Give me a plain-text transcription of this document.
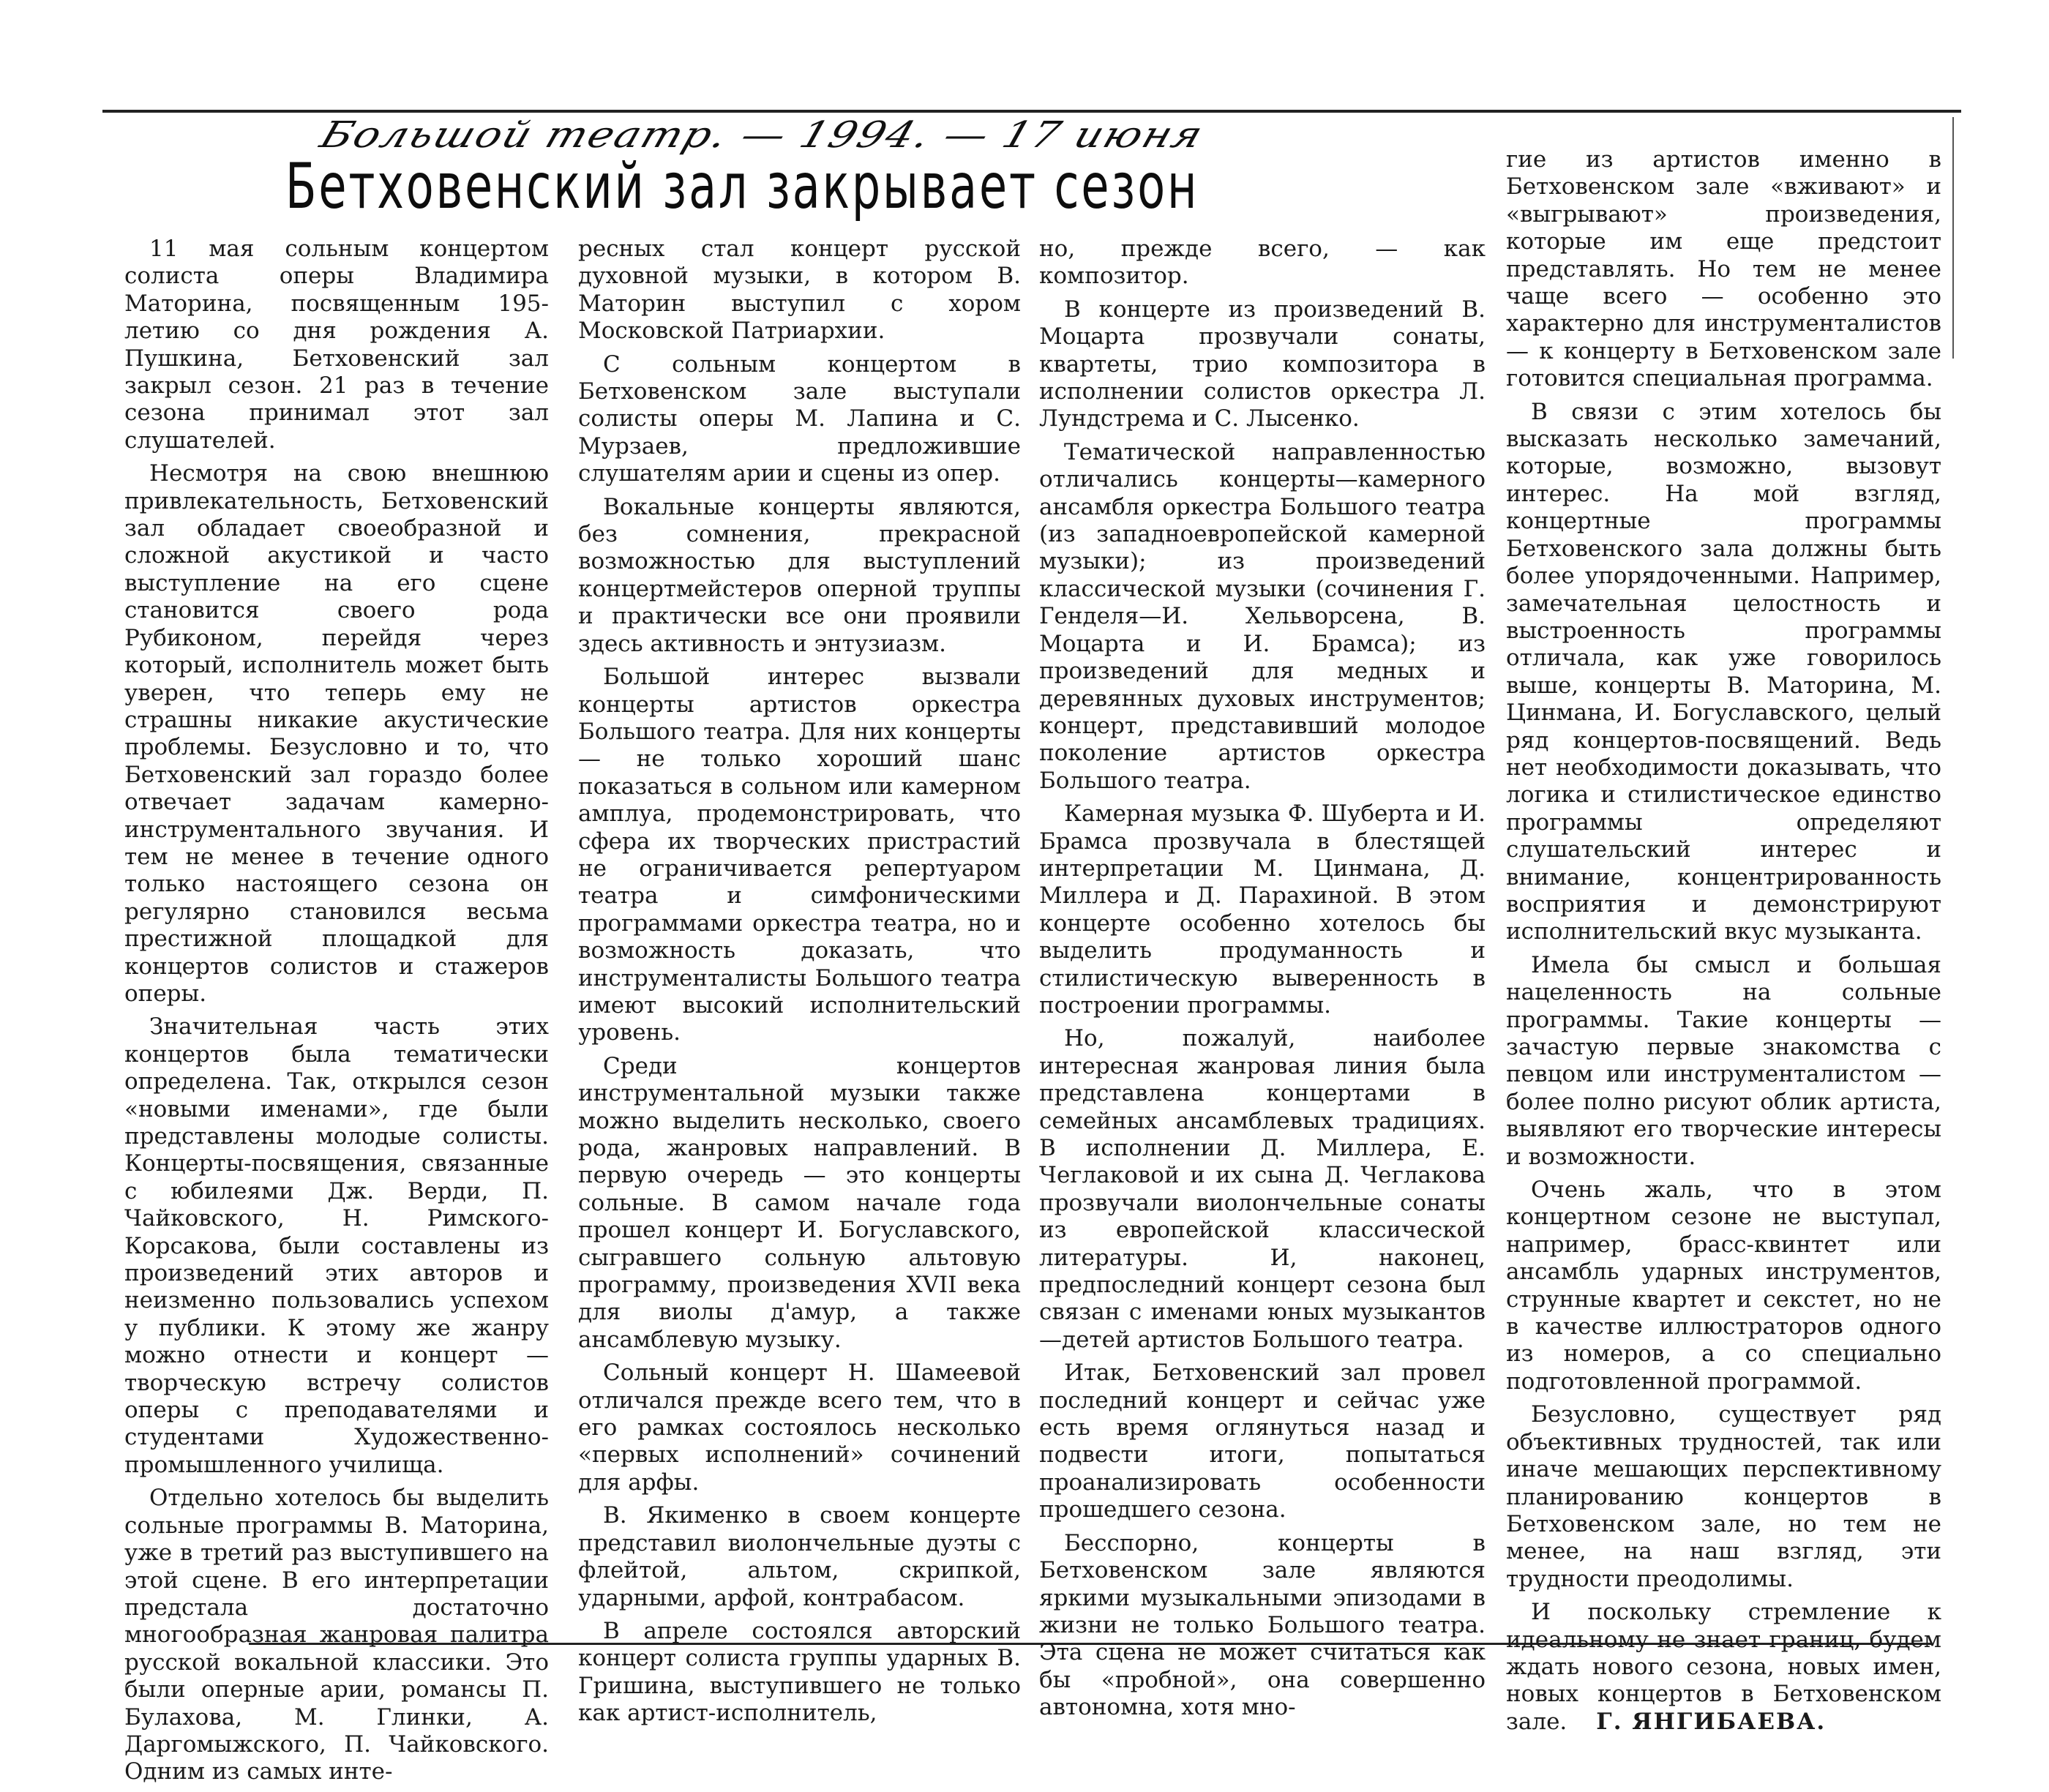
Большой театр. — 1994. — 17 июня
Бетховенский зал закрывает сезон

11 мая сольным концертом солиста оперы Владимира Маторина, посвященным 195-летию со дня рождения А. Пушкина, Бетховенский зал закрыл сезон. 21 раз в течение сезона принимал этот зал слушателей.

Несмотря на свою внешнюю привлекательность, Бетховенский зал обладает своеобразной и сложной акустикой и часто выступление на его сцене становится своего рода Рубиконом, перейдя через который, исполнитель может быть уверен, что теперь ему не страшны никакие акустические проблемы. Безусловно и то, что Бетховенский зал гораздо более отвечает задачам камерно-инструментального звучания. И тем не менее в течение одного только настоящего сезона он регулярно становился весьма престижной площадкой для концертов солистов и стажеров оперы.

Значительная часть этих концертов была тематически определена. Так, открылся сезон «новыми именами», где были представлены молодые солисты. Концерты-посвящения, связанные с юбилеями Дж. Верди, П. Чайковского, Н. Римского-Корсакова, были составлены из произведений этих авторов и неизменно пользовались успехом у публики. К этому же жанру можно отнести и концерт — творческую встречу солистов оперы с преподавателями и студентами Художественно-промышленного училища.

Отдельно хотелось бы выделить сольные программы В. Маторина, уже в третий раз выступившего на этой сцене. В его интерпретации предстала достаточно многообразная жанровая палитра русской вокальной классики. Это были оперные арии, романсы П. Булахова, М. Глинки, А. Даргомыжского, П. Чайковского. Одним из самых инте-

ресных стал концерт русской духовной музыки, в котором В. Маторин выступил с хором Московской Патриархии.

С сольным концертом в Бетховенском зале выступали солисты оперы М. Лапина и С. Мурзаев, предложившие слушателям арии и сцены из опер.

Вокальные концерты являются, без сомнения, прекрасной возможностью для выступлений концертмейстеров оперной труппы и практически все они проявили здесь активность и энтузиазм.

Большой интерес вызвали концерты артистов оркестра Большого театра. Для них концерты — не только хороший шанс показаться в сольном или камерном амплуа, продемонстрировать, что сфера их творческих пристрастий не ограничивается репертуаром театра и симфоническими программами оркестра театра, но и возможность доказать, что инструменталисты Большого театра имеют высокий исполнительский уровень.

Среди концертов инструментальной музыки также можно выделить несколько, своего рода, жанровых направлений. В первую очередь — это концерты сольные. В самом начале года прошел концерт И. Богуславского, сыгравшего сольную альтовую программу, произведения XVII века для виолы д'амур, а также ансамблевую музыку.

Сольный концерт Н. Шамеевой отличался прежде всего тем, что в его рамках состоялось несколько «первых исполнений» сочинений для арфы.

В. Якименко в своем концерте представил виолончельные дуэты с флейтой, альтом, скрипкой, ударными, арфой, контрабасом.

В апреле состоялся авторский концерт солиста группы ударных В. Гришина, выступившего не только как артист-исполнитель,

но, прежде всего, — как композитор.

В концерте из произведений В. Моцарта прозвучали сонаты, квартеты, трио композитора в исполнении солистов оркестра Л. Лундстрема и С. Лысенко.

Тематической направленностью отличались концерты—камерного ансамбля оркестра Большого театра (из западноевропейской камерной музыки); из произведений классической музыки (сочинения Г. Генделя—И. Хельворсена, В. Моцарта и И. Брамса); из произведений для медных и деревянных духовых инструментов; концерт, представивший молодое поколение артистов оркестра Большого театра.

Камерная музыка Ф. Шуберта и И. Брамса прозвучала в блестящей интерпретации М. Цинмана, Д. Миллера и Д. Парахиной. В этом концерте особенно хотелось бы выделить продуманность и стилистическую выверенность в построении программы.

Но, пожалуй, наиболее интересная жанровая линия была представлена концертами в семейных ансамблевых традициях. В исполнении Д. Миллера, Е. Чеглаковой и их сына Д. Чеглакова прозвучали виолончельные сонаты из европейской классической литературы. И, наконец, предпоследний концерт сезона был связан с именами юных музыкантов—детей артистов Большого театра.

Итак, Бетховенский зал провел последний концерт и сейчас уже есть время оглянуться назад и подвести итоги, попытаться проанализировать особенности прошедшего сезона.

Бесспорно, концерты в Бетховенском зале являются яркими музыкальными эпизодами в жизни не только Большого театра. Эта сцена не может считаться как бы «пробной», она совершенно автономна, хотя мно-

гие из артистов именно в Бетховенском зале «вживают» и «выгрывают» произведения, которые им еще предстоит представлять. Но тем не менее чаще всего — особенно это характерно для инструменталистов — к концерту в Бетховенском зале готовится специальная программа.

В связи с этим хотелось бы высказать несколько замечаний, которые, возможно, вызовут интерес. На мой взгляд, концертные программы Бетховенского зала должны быть более упорядоченными. Например, замечательная целостность и выстроенность программы отличала, как уже говорилось выше, концерты В. Маторина, М. Цинмана, И. Богуславского, целый ряд концертов-посвящений. Ведь нет необходимости доказывать, что логика и стилистическое единство программы определяют слушательский интерес и внимание, концентрированность восприятия и демонстрируют исполнительский вкус музыканта.

Имела бы смысл и большая нацеленность на сольные программы. Такие концерты — зачастую первые знакомства с певцом или инструменталистом — более полно рисуют облик артиста, выявляют его творческие интересы и возможности.

Очень жаль, что в этом концертном сезоне не выступал, например, брасс-квинтет или ансамбль ударных инструментов, струнные квартет и секстет, но не в качестве иллюстраторов одного из номеров, а со специально подготовленной программой.

Безусловно, существует ряд объективных трудностей, так или иначе мешающих перспективному планированию концертов в Бетховенском зале, но тем не менее, на наш взгляд, эти трудности преодолимы.

И поскольку стремление к идеальному не знает границ, будем ждать нового сезона, новых имен, новых концертов в Бетховенском зале. Г. ЯНГИБАЕВА.
